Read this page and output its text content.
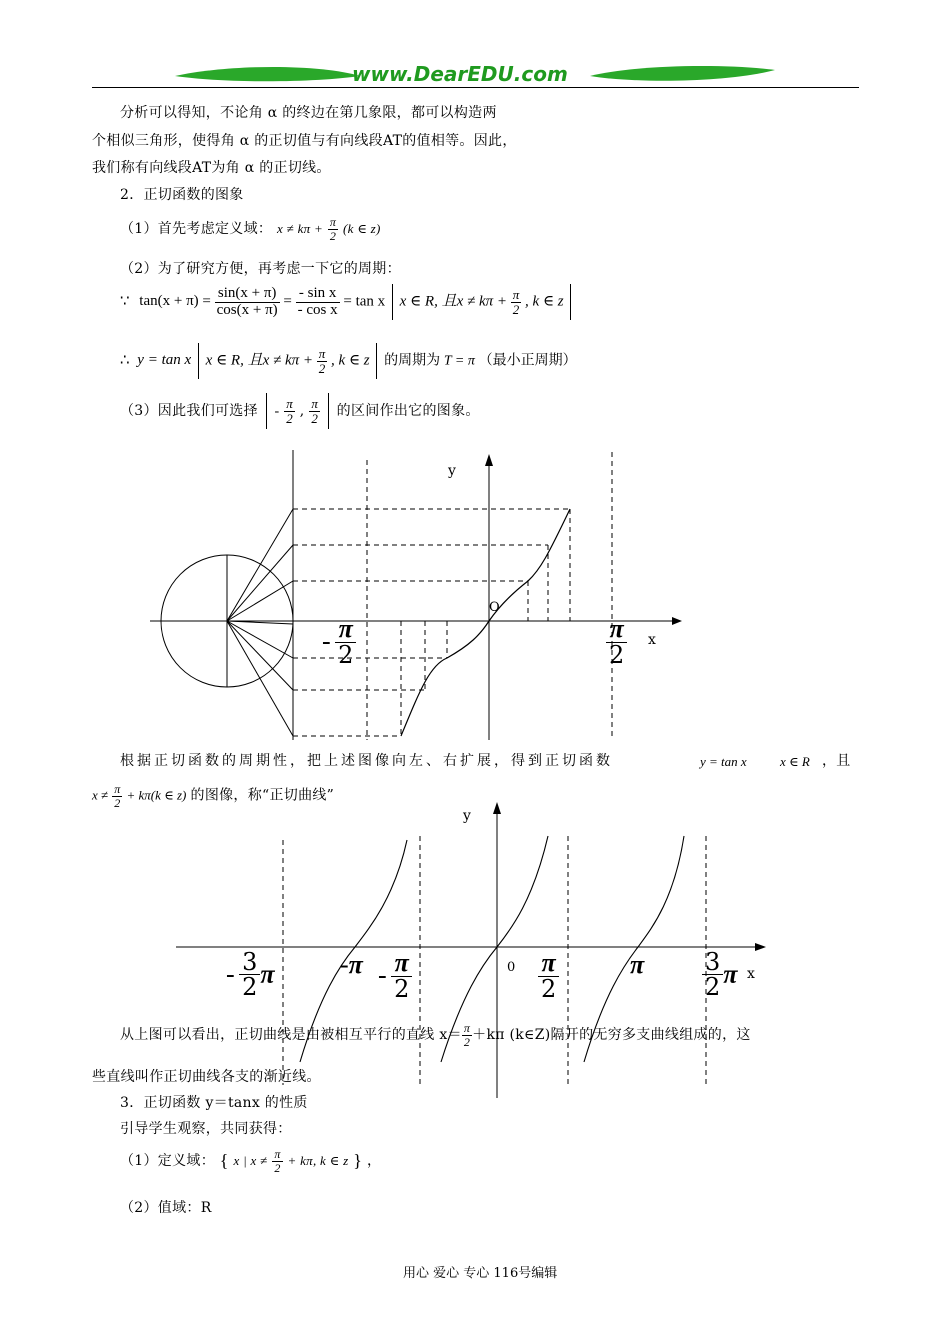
www.DearEDU.com
分析可以得知，不论角 α 的终边在第几象限，都可以构造两
个相似三角形，使得角 α 的正切值与有向线段AT的值相等。因此，
我们称有向线段AT为角 α 的正切线。
2．正切函数的图象
（1）首先考虑定义域： $x \ne k\pi + \frac{\pi}{2} (k$ ∈ z)
（2）为了研究方便，再考虑一下它的周期：
∵ $\tan(x + \pi) = \frac{\sin(x + \pi)}{\cos(x + \pi)} = \frac{\text{- sin x}}{\text{- cos x}} = \tan x$ x ∈ R, 且$x \ne k\pi + \frac{\pi}{2}$ , k ∈ z
∴ y = tan x x ∈ R, 且$x \ne k\pi + \frac{\pi}{2}$ , k ∈ z 的周期为 T = π （最小正周期）
（3）因此我们可选择 - $\frac{\pi}{2}$ , $\frac{\pi}{2}$ 的区间作出它的图象。
y
x
O
- $\frac{\pi}{2}$	$\frac{\pi}{2}$
根据正切函数的周期性，把上述图像向左、右扩展，得到正切函数	y = tan x	x ∈ R ，且
$x \ne \frac{\pi}{2} + k\pi(k$ ∈ z) 的图像，称“正切曲线”
y
x
0
- $\frac{3}{2}$ π	$-\pi - \frac{\pi}{2}$	$\frac{\pi}{2}$	π $\frac{3}{2}$ π
从上图可以看出，正切曲线是由被相互平行的直线 $x= \frac{\pi}{2} +k\pi$ (k∈Z)隔开的无穷多支曲线组成的，这
些直线叫作正切曲线各支的渐近线。
3．正切函数 y＝tanx 的性质
引导学生观察，共同获得：
（1）定义域： { x | $x \ne \frac{\pi}{2} + k\pi$, k ∈ z } ，
（2）值域：R
用心 爱心 专心 116号编辑
